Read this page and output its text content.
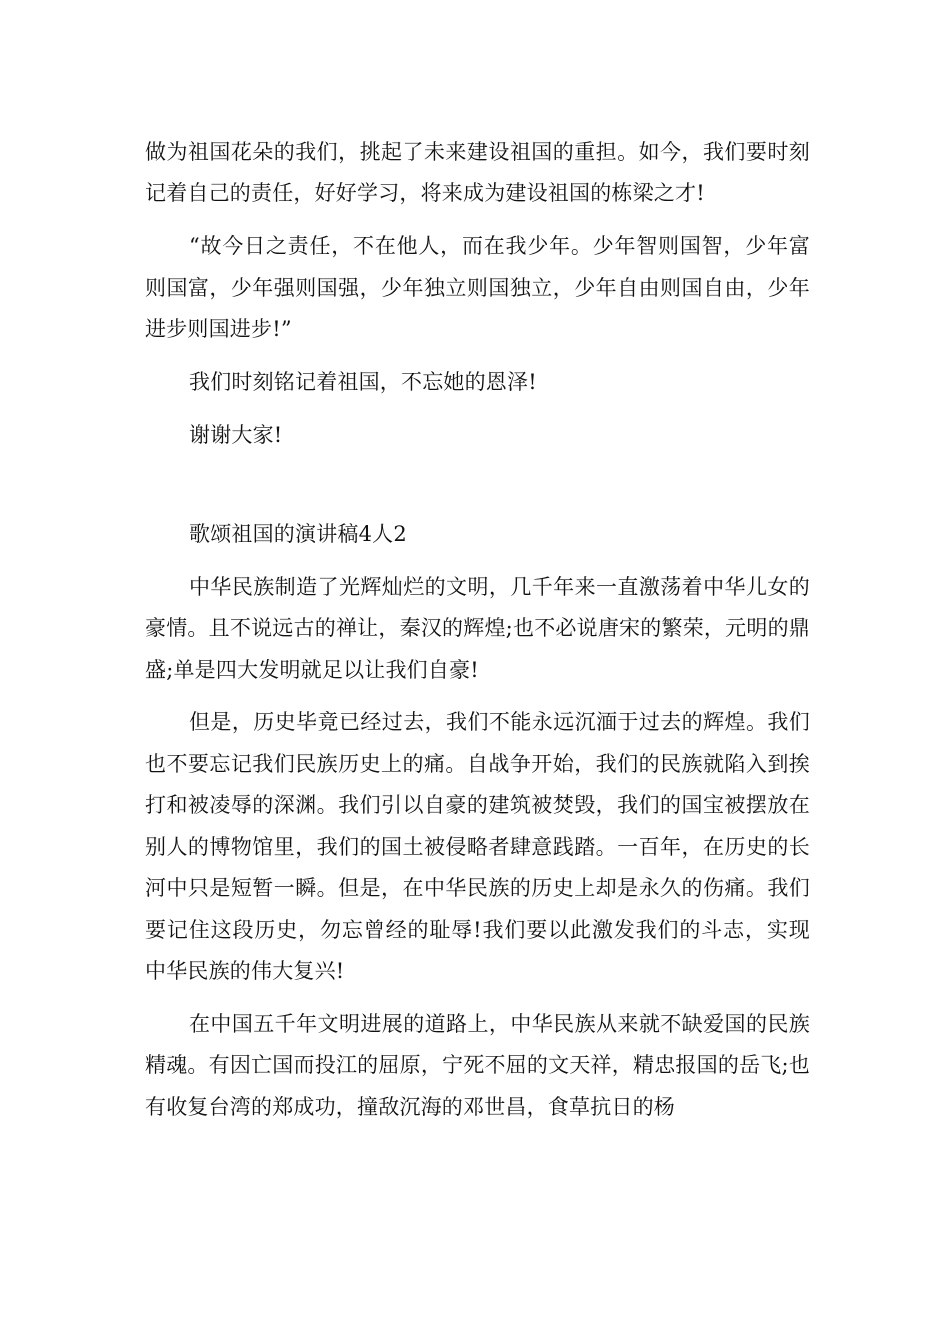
做为祖国花朵的我们，挑起了未来建设祖国的重担。如今，我们要时刻记着自己的责任，好好学习，将来成为建设祖国的栋梁之才!

“故今日之责任，不在他人，而在我少年。少年智则国智，少年富则国富，少年强则国强，少年独立则国独立，少年自由则国自由，少年进步则国进步!”

我们时刻铭记着祖国，不忘她的恩泽!

谢谢大家!

歌颂祖国的演讲稿4人2

中华民族制造了光辉灿烂的文明，几千年来一直激荡着中华儿女的豪情。且不说远古的禅让，秦汉的辉煌;也不必说唐宋的繁荣，元明的鼎盛;单是四大发明就足以让我们自豪!

但是，历史毕竟已经过去，我们不能永远沉湎于过去的辉煌。我们也不要忘记我们民族历史上的痛。自战争开始，我们的民族就陷入到挨打和被凌辱的深渊。我们引以自豪的建筑被焚毁，我们的国宝被摆放在别人的博物馆里，我们的国土被侵略者肆意践踏。一百年，在历史的长河中只是短暂一瞬。但是，在中华民族的历史上却是永久的伤痛。我们要记住这段历史，勿忘曾经的耻辱!我们要以此激发我们的斗志，实现中华民族的伟大复兴!

在中国五千年文明进展的道路上，中华民族从来就不缺爱国的民族精魂。有因亡国而投江的屈原，宁死不屈的文天祥，精忠报国的岳飞;也有收复台湾的郑成功，撞敌沉海的邓世昌，食草抗日的杨
